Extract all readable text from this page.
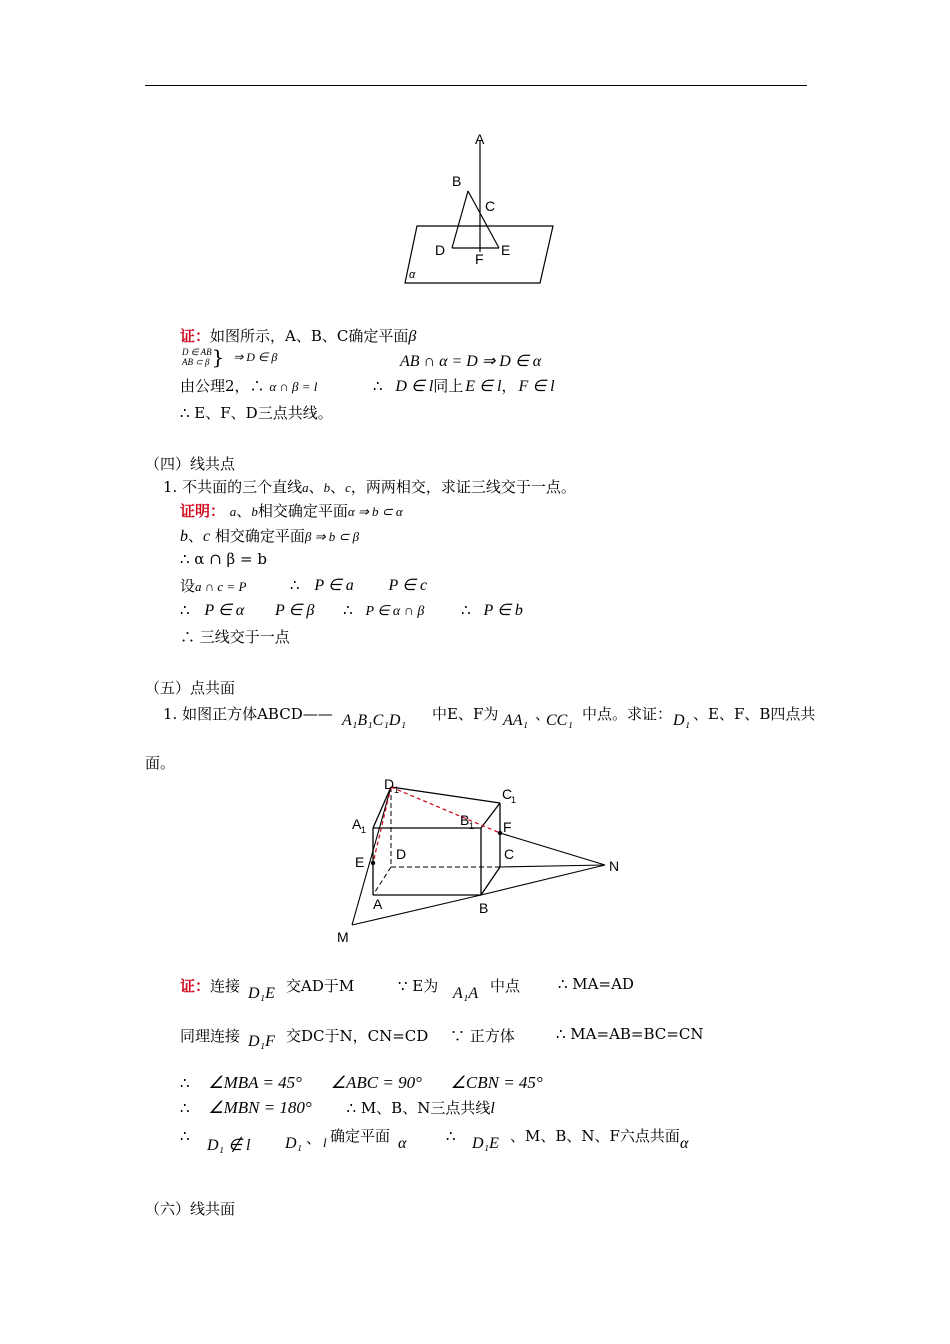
A
B
C
D	E
F
α
证：如图所示，A、B、C确定平面β
D ∈ AB
AB ⊂ β } ⇒ D ∈ β	AB ∩ α = D ⇒ D ∈ α
由公理2，∴ α ∩ β = l	∴ D ∈ l同上 E ∈ l， F ∈ l
∴ E、F、D三点共线。
（四）线共点
1. 不共面的三个直线a、b、c，两两相交，求证三线交于一点。
证明： a、b相交确定平面α ⇒ b ⊂ α
b、c 相交确定平面β ⇒ b ⊂ β
∴ α ∩ β = b
设a ∩ c = P	∴ P ∈ a P ∈ c
∴ P ∈ α P ∈ β ∴ P ∈ α ∩ β ∴ P ∈ b
∴ 三线交于一点
（五）点共面
1. 如图正方体ABCD—— A₁B₁C₁D₁ 中E、F为 AA₁ 、
CC₁ 中点。求证： D₁ 、E、F、B四点共
面。
D 1	C
1
A 1
B 1 F
E D	C
N
A	B
M
证：连接 D₁E 交AD于M	∵ E为 A₁A 中点	∴ MA=AD
同理连接 D₁F 交DC于N，CN=CD ∵ 正方体	∴ MA=AB=BC=CN
∴ ∠MBA = 45° ∠ABC = 90° ∠CBN = 45°
∴ ∠MBN = 180° ∴ M、B、N三点共线l
∴
D₁ ∉ l D₁ 、 l 确定平面 α	∴ D₁E 、M、B、N、F六点共面 α
（六）线共面
